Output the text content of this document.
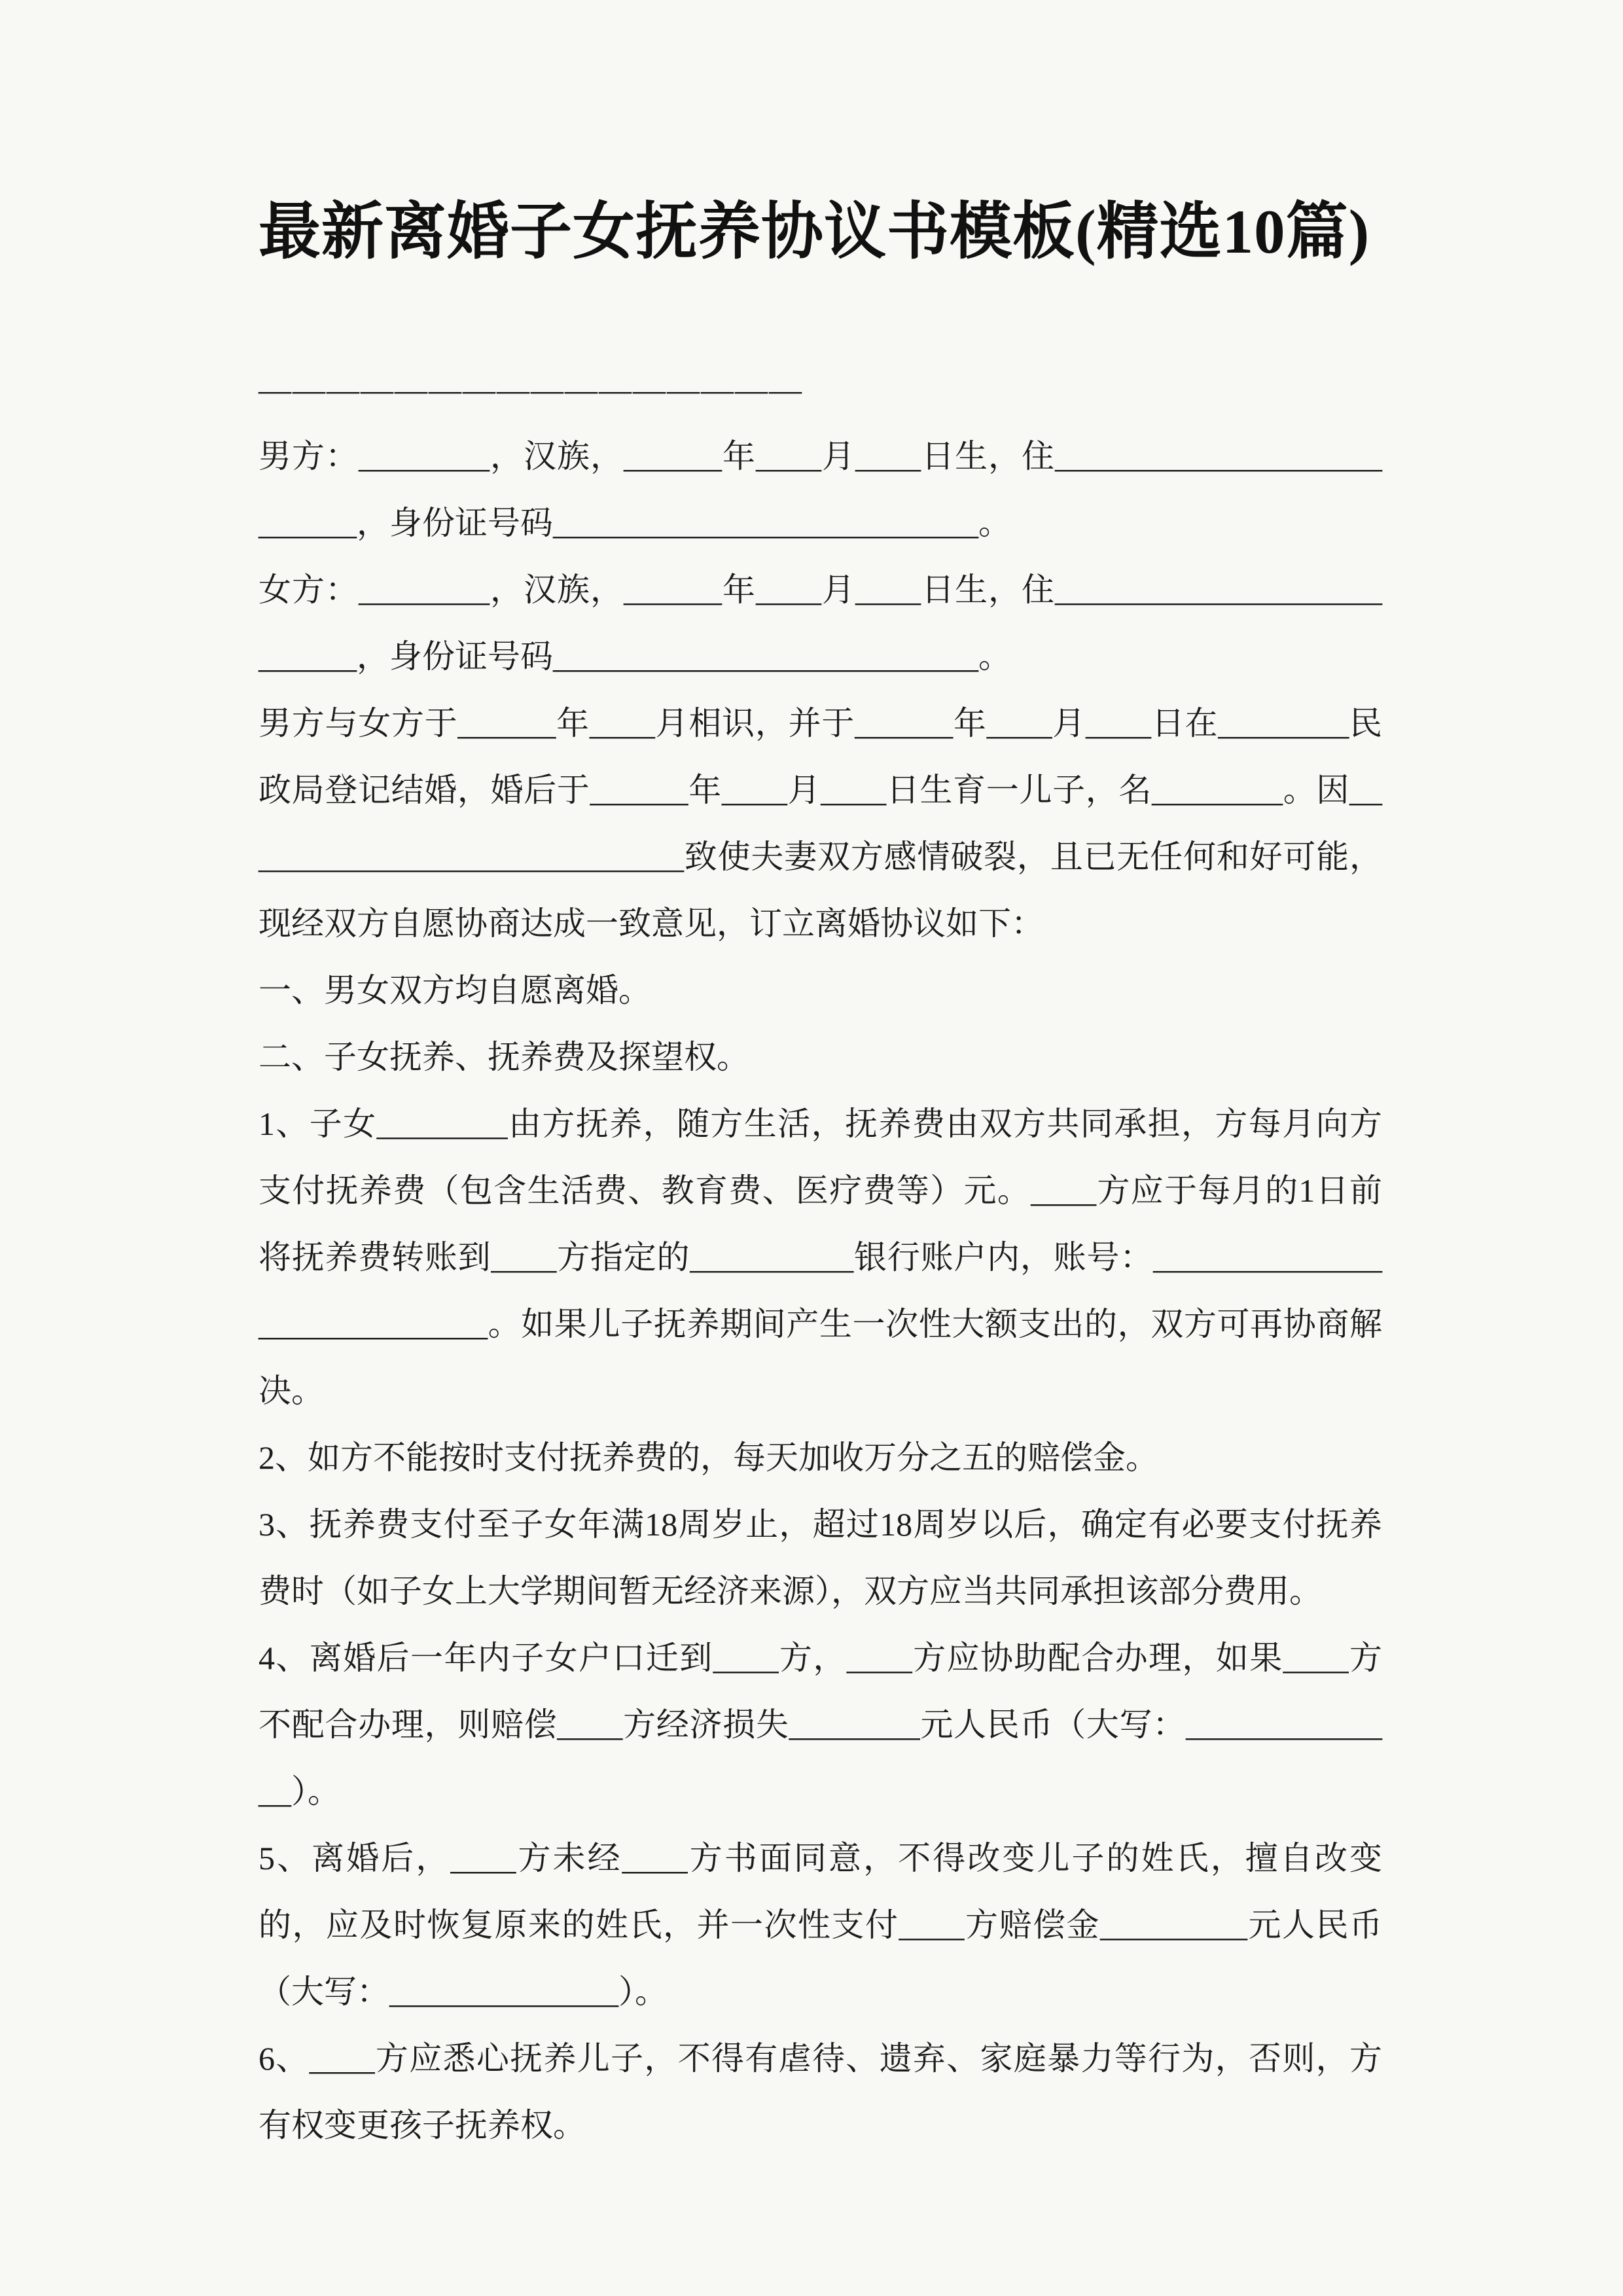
最新离婚子女抚养协议书模板(精选10篇)

————————————————

男方：________，汉族，______年____月____日生，住__________________________，身份证号码__________________________。

女方：________，汉族，______年____月____日生，住__________________________，身份证号码__________________________。

男方与女方于______年____月相识，并于______年____月____日在________民政局登记结婚，婚后于______年____月____日生育一儿子，名________。因____________________________致使夫妻双方感情破裂，且已无任何和好可能，现经双方自愿协商达成一致意见，订立离婚协议如下：

一、男女双方均自愿离婚。

二、子女抚养、抚养费及探望权。

1、子女________由方抚养，随方生活，抚养费由双方共同承担，方每月向方支付抚养费（包含生活费、教育费、医疗费等）元。____方应于每月的1日前将抚养费转账到____方指定的__________银行账户内，账号：____________________________。如果儿子抚养期间产生一次性大额支出的，双方可再协商解决。

2、如方不能按时支付抚养费的，每天加收万分之五的赔偿金。

3、抚养费支付至子女年满18周岁止，超过18周岁以后，确定有必要支付抚养费时（如子女上大学期间暂无经济来源），双方应当共同承担该部分费用。

4、离婚后一年内子女户口迁到____方，____方应协助配合办理，如果____方不配合办理，则赔偿____方经济损失________元人民币（大写：______________）。

5、离婚后，____方未经____方书面同意，不得改变儿子的姓氏，擅自改变的，应及时恢复原来的姓氏，并一次性支付____方赔偿金_________元人民币（大写：______________）。

6、____方应悉心抚养儿子，不得有虐待、遗弃、家庭暴力等行为，否则，方有权变更孩子抚养权。
